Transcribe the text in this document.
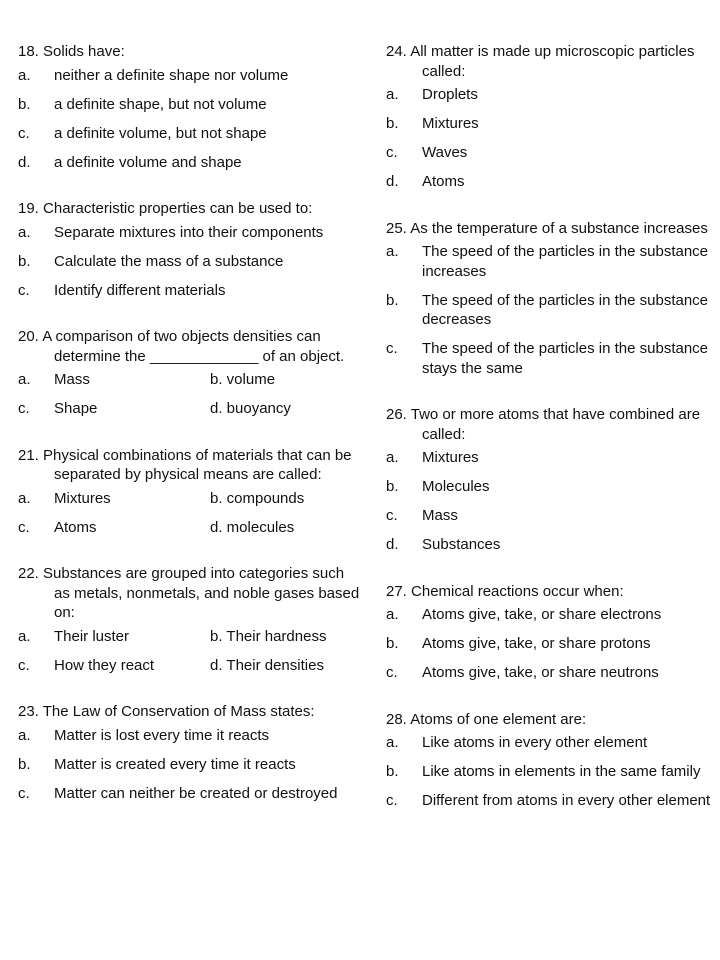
18. Solids have:
a.	neither a definite shape nor volume
b.	a definite shape, but not volume
c.	a definite volume, but not shape
d.	a definite volume and shape
19. Characteristic properties can be used to:
a.	Separate mixtures into their components
b.	Calculate the mass of a substance
c.	Identify different materials
20. A comparison of two objects densities can determine the _____________ of an object.
a.	Mass	b. volume
c.	Shape	d. buoyancy
21. Physical combinations of materials that can be separated by physical means are called:
a.	Mixtures	b. compounds
c.	Atoms	d. molecules
22. Substances are grouped into categories such as metals, nonmetals, and noble gases based on:
a.	Their luster	b. Their hardness
c.	How they react	d. Their densities
23. The Law of Conservation of Mass states:
a.	Matter is lost every time it reacts
b.	Matter is created every time it reacts
c.	Matter can neither be created or destroyed
24. All matter is made up microscopic particles called:
a.	Droplets
b.	Mixtures
c.	Waves
d.	Atoms
25. As the temperature of a substance increases
a.	The speed of the particles in the substance increases
b.	The speed of the particles in the substance decreases
c.	The speed of the particles in the substance stays the same
26. Two or more atoms that have combined are called:
a.	Mixtures
b.	Molecules
c.	Mass
d.	Substances
27. Chemical reactions occur when:
a.	Atoms give, take, or share electrons
b.	Atoms give, take, or share protons
c.	Atoms give, take, or share neutrons
28. Atoms of one element are:
a.	Like atoms in every other element
b.	Like atoms in elements in the same family
c.	Different from atoms in every other element
